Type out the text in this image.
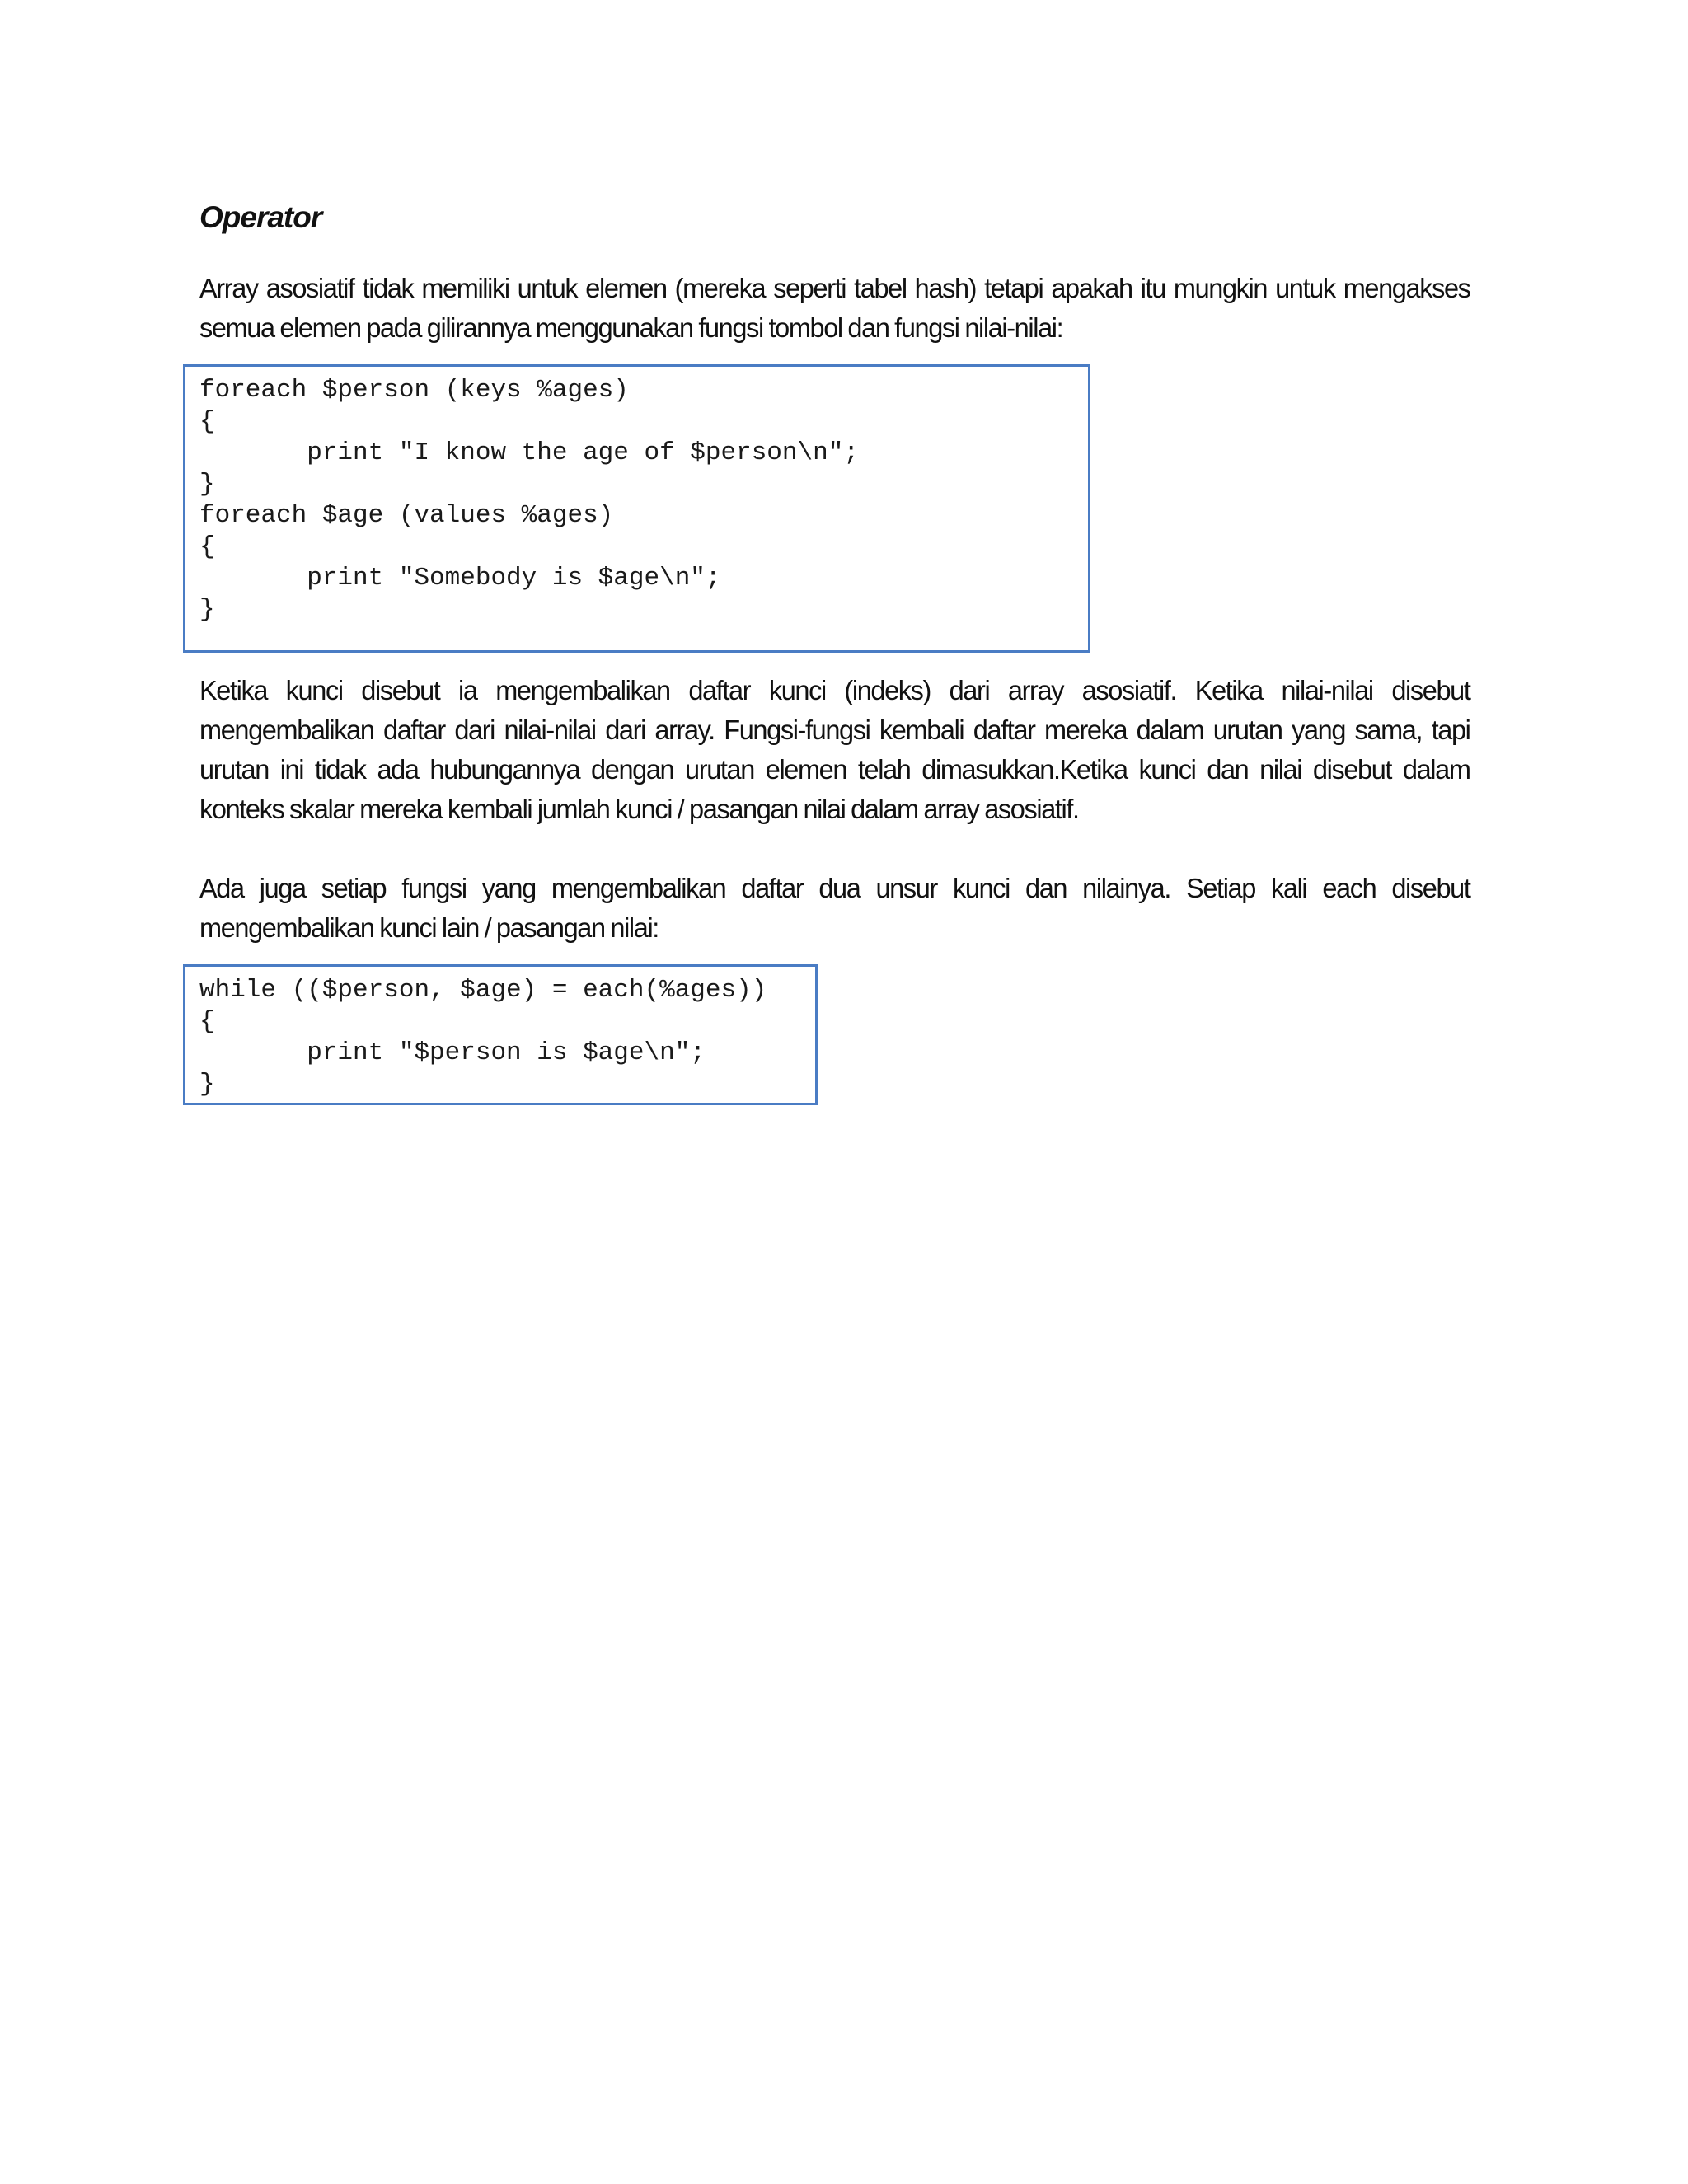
Operator

Array asosiatif tidak memiliki untuk elemen (mereka seperti tabel hash) tetapi apakah itu mungkin untuk mengakses semua elemen pada gilirannya menggunakan fungsi tombol dan fungsi nilai-nilai:

foreach $person (keys %ages)
{
print "I know the age of $person\n";
}
foreach $age (values %ages)
{
print "Somebody is $age\n";
}

Ketika kunci disebut ia mengembalikan daftar kunci (indeks) dari array asosiatif. Ketika nilai-nilai disebut mengembalikan daftar dari nilai-nilai dari array. Fungsi-fungsi kembali daftar mereka dalam urutan yang sama, tapi urutan ini tidak ada hubungannya dengan urutan elemen telah dimasukkan.Ketika kunci dan nilai disebut dalam konteks skalar mereka kembali jumlah kunci / pasangan nilai dalam array asosiatif.

Ada juga setiap fungsi yang mengembalikan daftar dua unsur kunci dan nilainya. Setiap kali each disebut mengembalikan kunci lain / pasangan nilai:

while (($person, $age) = each(%ages))
{
print "$person is $age\n";
}
